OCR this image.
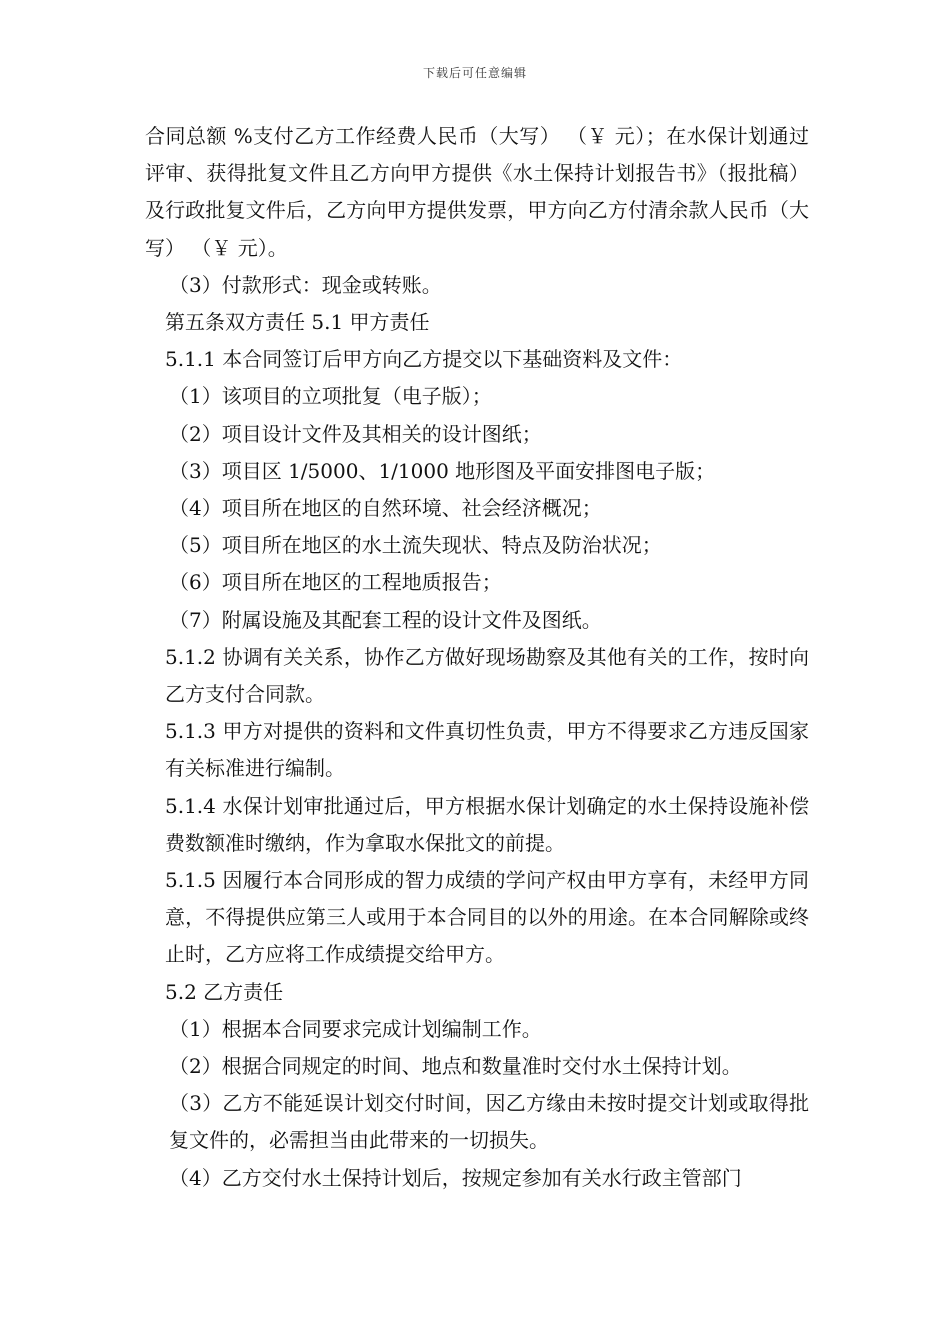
下载后可任意编辑

合同总额 %支付乙方工作经费人民币（大写） （￥ 元）；在水保计划通过评审、获得批复文件且乙方向甲方提供《水土保持计划报告书》（报批稿）及行政批复文件后，乙方向甲方提供发票，甲方向乙方付清余款人民币（大写） （￥ 元）。

（3）付款形式：现金或转账。

第五条双方责任 5.1 甲方责任

5.1.1 本合同签订后甲方向乙方提交以下基础资料及文件：

（1）该项目的立项批复（电子版）；

（2）项目设计文件及其相关的设计图纸；

（3）项目区 1/5000、1/1000 地形图及平面安排图电子版；

（4）项目所在地区的自然环境、社会经济概况；

（5）项目所在地区的水土流失现状、特点及防治状况；

（6）项目所在地区的工程地质报告；

（7）附属设施及其配套工程的设计文件及图纸。

5.1.2 协调有关关系，协作乙方做好现场勘察及其他有关的工作，按时向乙方支付合同款。

5.1.3 甲方对提供的资料和文件真切性负责，甲方不得要求乙方违反国家有关标准进行编制。

5.1.4 水保计划审批通过后，甲方根据水保计划确定的水土保持设施补偿费数额准时缴纳，作为拿取水保批文的前提。

5.1.5 因履行本合同形成的智力成绩的学问产权由甲方享有，未经甲方同意，不得提供应第三人或用于本合同目的以外的用途。在本合同解除或终止时，乙方应将工作成绩提交给甲方。

5.2 乙方责任

（1）根据本合同要求完成计划编制工作。

（2）根据合同规定的时间、地点和数量准时交付水土保持计划。

（3）乙方不能延误计划交付时间，因乙方缘由未按时提交计划或取得批复文件的，必需担当由此带来的一切损失。

（4）乙方交付水土保持计划后，按规定参加有关水行政主管部门
